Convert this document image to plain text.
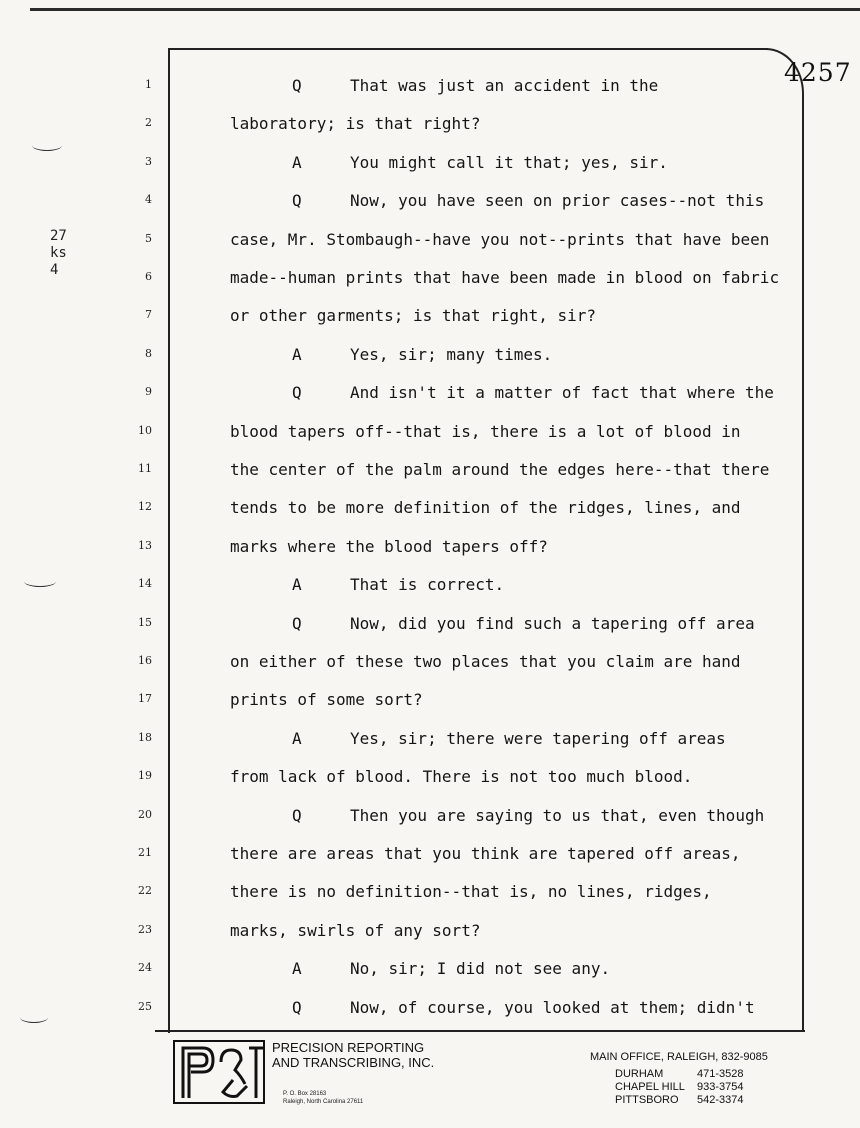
4257
27
ks
4
1	Q	That was just an accident in the
2	laboratory; is that right?
3	A	You might call it that; yes, sir.
4	Q	Now, you have seen on prior cases--not this
5	case, Mr. Stombaugh--have you not--prints that have been
6	made--human prints that have been made in blood on fabric
7	or other garments; is that right, sir?
8	A	Yes, sir; many times.
9	Q	And isn't it a matter of fact that where the
10	blood tapers off--that is, there is a lot of blood in
11	the center of the palm around the edges here--that there
12	tends to be more definition of the ridges, lines, and
13	marks where the blood tapers off?
14	A	That is correct.
15	Q	Now, did you find such a tapering off area
16	on either of these two places that you claim are hand
17	prints of some sort?
18	A	Yes, sir; there were tapering off areas
19	from lack of blood. There is not too much blood.
20	Q	Then you are saying to us that, even though
21	there are areas that you think are tapered off areas,
22	there is no definition--that is, no lines, ridges,
23	marks, swirls of any sort?
24	A	No, sir; I did not see any.
25	Q	Now, of course, you looked at them; didn't
PRECISION REPORTING
AND TRANSCRIBING, INC.
P. O. Box 28163
Raleigh, North Carolina 27611
MAIN OFFICE, RALEIGH, 832-9085
DURHAM	471-3528
CHAPEL HILL	933-3754
PITTSBORO	542-3374
